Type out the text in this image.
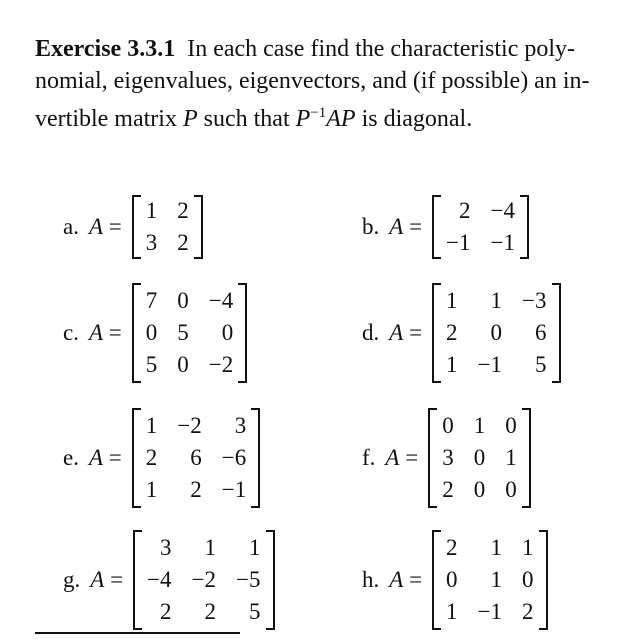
Exercise 3.3.1 In each case find the characteristic poly-
nomial, eigenvalues, eigenvectors, and (if possible) an in-
vertible matrix P such that $P^{-1}AP$ is diagonal.
a. A =
1 2
3 2
b. A =
2 −4
−1 −1
c. A =
7 0 −4
0 5	0
5 0 −2
d. A =
1	1 −3
2	0	6
1 −1	5
e. A =
1 −2	3
2	6 −6
1	2 −1
f. A =
0 1 0
3 0 1
2 0 0
g. A =
3	1	1
−4 −2 −5
2	2	5
h. A =
2	1 1
0	1 0
1 −1 2
